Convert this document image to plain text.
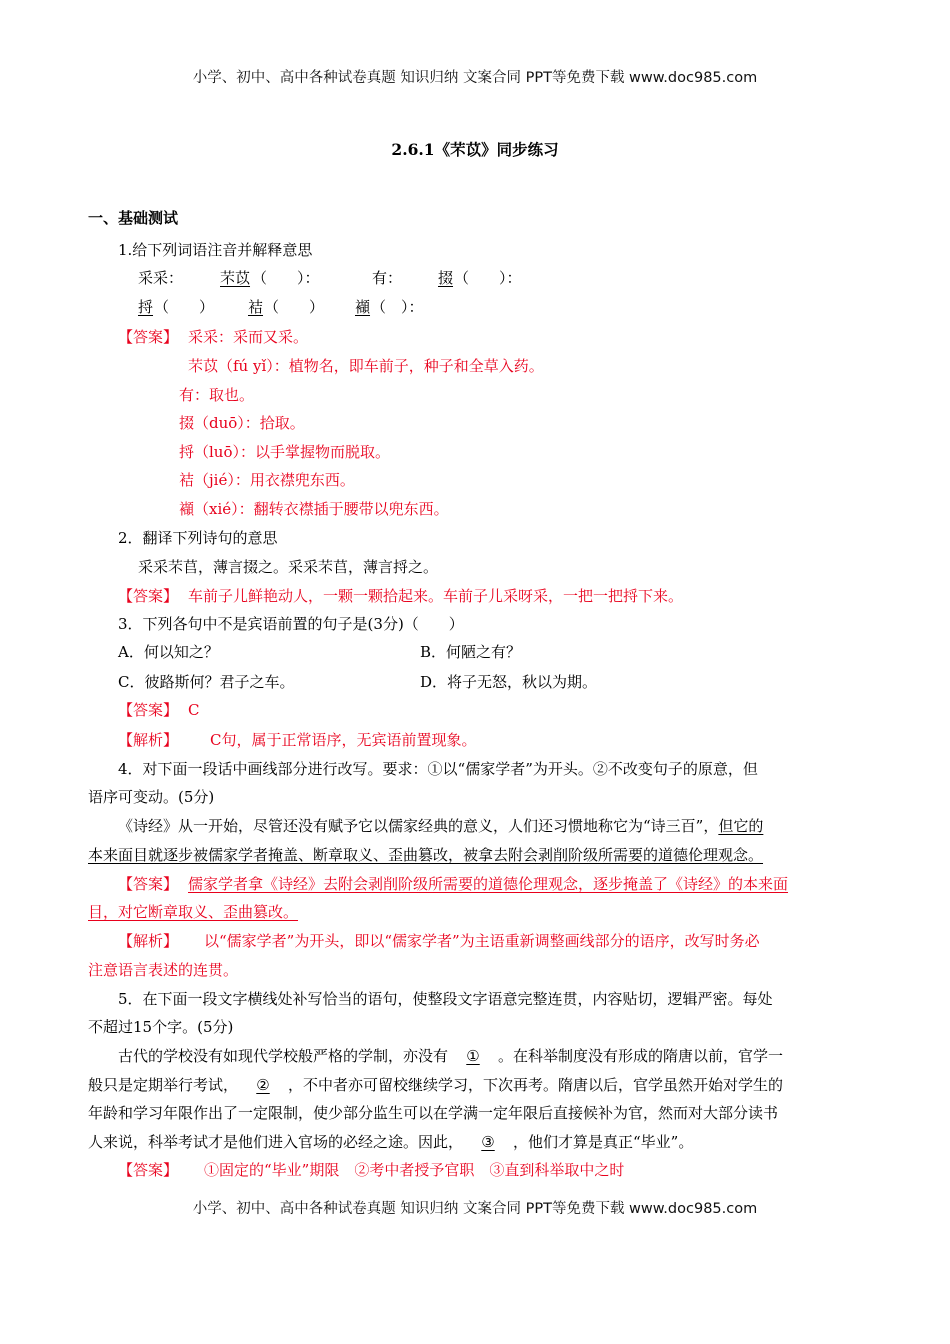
小学、初中、高中各种试卷真题 知识归纳 文案合同 PPT等免费下载 www.doc985.com
2.6.1《芣苡》同步练习
一、基础测试
1.给下列词语注音并解释意思
采采： 芣苡 （　　）：	有： 掇 （　　）：
捋 （　　） 袺 （　　） 襭 （　）：
【答案】 采采：采而又采。
芣苡（fú yǐ）：植物名，即车前子，种子和全草入药。
有：取也。
掇（duō）：拾取。
捋（luō）：以手掌握物而脱取。
袺（jié）：用衣襟兜东西。
襭（xié）：翻转衣襟插于腰带以兜东西。
2．翻译下列诗句的意思
采采芣苢，薄言掇之。采采芣苢，薄言捋之。
【答案】 车前子儿鲜艳动人，一颗一颗拾起来。车前子儿采呀采，一把一把捋下来。
3．下列各句中不是宾语前置的句子是(3分)（　　）
A．何以知之？	B．何陋之有？
C．彼路斯何？君子之车。	D．将子无怒，秋以为期。
【答案】 C
【解析】 C句，属于正常语序，无宾语前置现象。
4．对下面一段话中画线部分进行改写。要求：①以“儒家学者”为开头。②不改变句子的原意，但
语序可变动。(5分)
《诗经》从一开始，尽管还没有赋予它以儒家经典的意义，人们还习惯地称它为“诗三百”，但它的
本来面目就逐步被儒家学者掩盖、断章取义、歪曲篡改，被拿去附会剥削阶级所需要的道德伦理观念。
【答案】 儒家学者拿《诗经》去附会剥削阶级所需要的道德伦理观念，逐步掩盖了《诗经》的本来面
目，对它断章取义、歪曲篡改。
【解析】 以“儒家学者”为开头，即以“儒家学者”为主语重新调整画线部分的语序，改写时务必
注意语言表述的连贯。
5．在下面一段文字横线处补写恰当的语句，使整段文字语意完整连贯，内容贴切，逻辑严密。每处
不超过15个字。(5分)
古代的学校没有如现代学校般严格的学制，亦没有 ① 。在科举制度没有形成的隋唐以前，官学一
般只是定期举行考试， ② ，不中者亦可留校继续学习，下次再考。隋唐以后，官学虽然开始对学生的
年龄和学习年限作出了一定限制，使少部分监生可以在学满一定年限后直接候补为官，然而对大部分读书
人来说，科举考试才是他们进入官场的必经之途。因此， ③ ，他们才算是真正“毕业”。
【答案】 ①固定的“毕业”期限　②考中者授予官职　③直到科举取中之时
小学、初中、高中各种试卷真题 知识归纳 文案合同 PPT等免费下载 www.doc985.com
